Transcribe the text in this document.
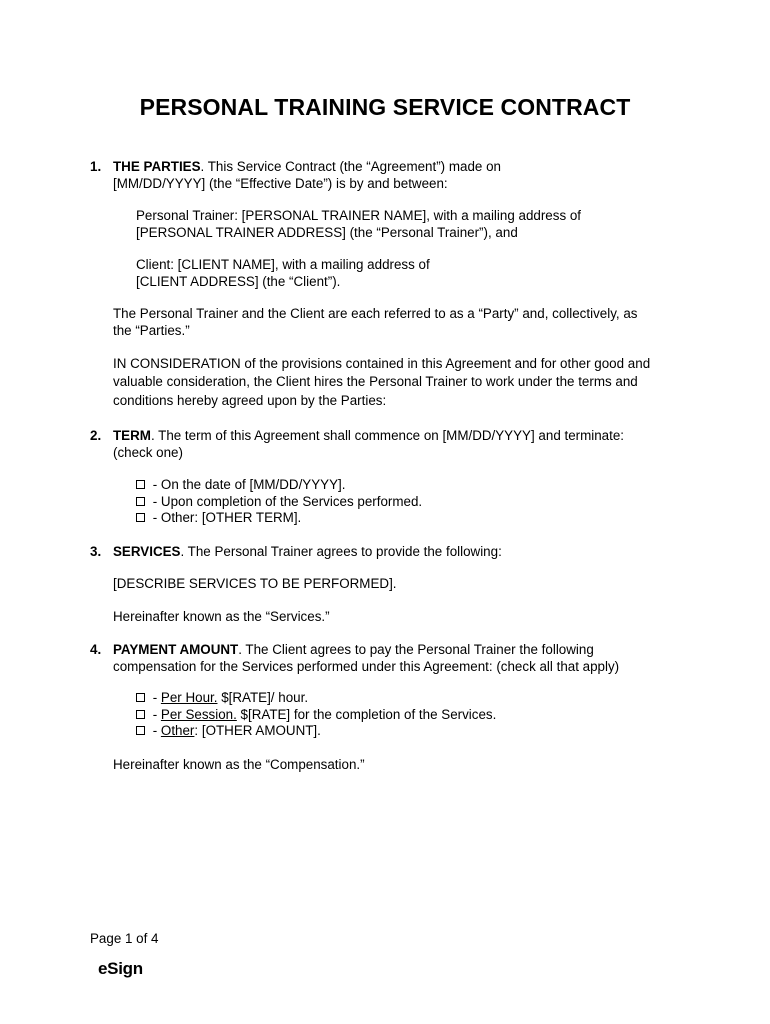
PERSONAL TRAINING SERVICE CONTRACT
1. THE PARTIES. This Service Contract (the “Agreement”) made on
[MM/DD/YYYY] (the “Effective Date”) is by and between:

Personal Trainer: [PERSONAL TRAINER NAME], with a mailing address of
[PERSONAL TRAINER ADDRESS] (the “Personal Trainer”), and

Client: [CLIENT NAME], with a mailing address of
[CLIENT ADDRESS] (the “Client”).

The Personal Trainer and the Client are each referred to as a “Party” and, collectively, as
the “Parties.”

IN CONSIDERATION of the provisions contained in this Agreement and for other good and
valuable consideration, the Client hires the Personal Trainer to work under the terms and
conditions hereby agreed upon by the Parties:

2. TERM. The term of this Agreement shall commence on [MM/DD/YYYY] and terminate:
(check one)
- On the date of [MM/DD/YYYY].
- Upon completion of the Services performed.
- Other: [OTHER TERM].
3. SERVICES. The Personal Trainer agrees to provide the following:

[DESCRIBE SERVICES TO BE PERFORMED].

Hereinafter known as the “Services.”

4. PAYMENT AMOUNT. The Client agrees to pay the Personal Trainer the following
compensation for the Services performed under this Agreement: (check all that apply)
- Per Hour. $[RATE]/ hour.
- Per Session. $[RATE] for the completion of the Services.
- Other: [OTHER AMOUNT].

Hereinafter known as the “Compensation.”

Page 1 of 4
eSign
